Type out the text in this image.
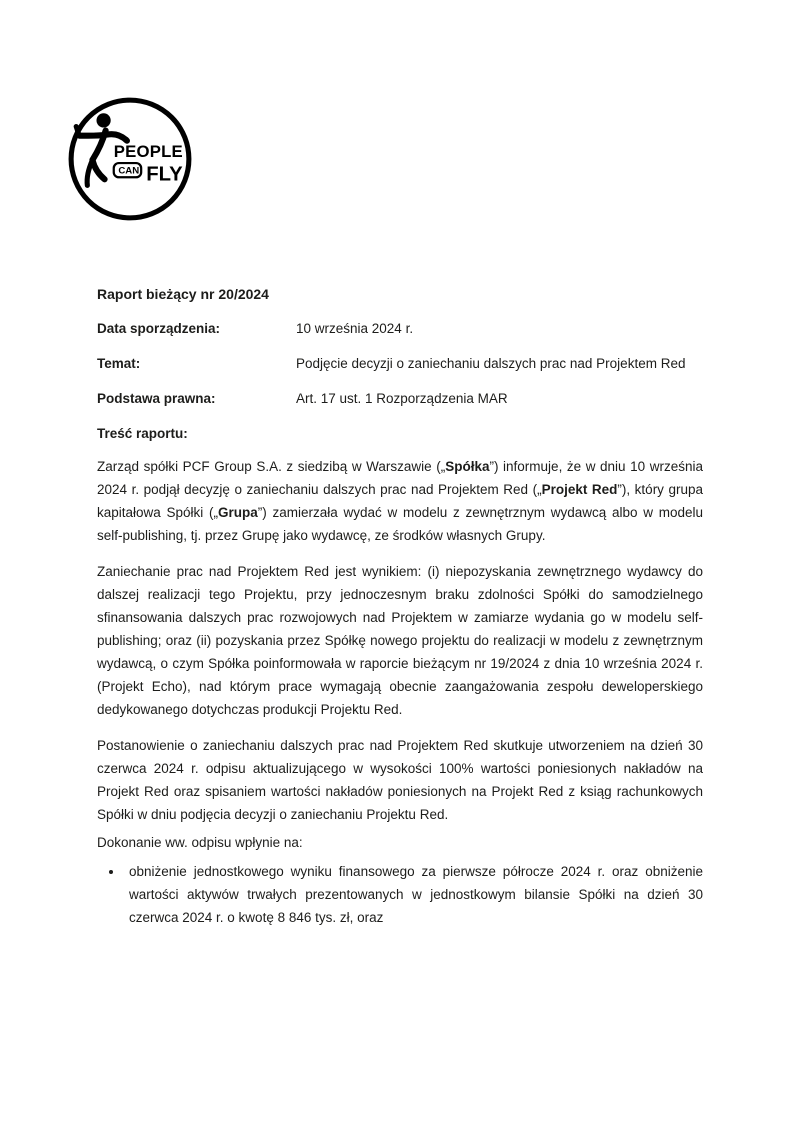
PEOPLE
CAN FLY
Raport bieżący nr 20/2024
Data sporządzenia:	10 września 2024 r.
Temat:	Podjęcie decyzji o zaniechaniu dalszych prac nad Projektem Red
Podstawa prawna:	Art. 17 ust. 1 Rozporządzenia MAR
Treść raportu:

Zarząd spółki PCF Group S.A. z siedzibą w Warszawie („Spółka”) informuje, że w dniu 10 września 2024 r. podjął decyzję o zaniechaniu dalszych prac nad Projektem Red („Projekt Red”), który grupa kapitałowa Spółki („Grupa”) zamierzała wydać w modelu z zewnętrznym wydawcą albo w modelu self-publishing, tj. przez Grupę jako wydawcę, ze środków własnych Grupy.

Zaniechanie prac nad Projektem Red jest wynikiem: (i) niepozyskania zewnętrznego wydawcy do dalszej realizacji tego Projektu, przy jednoczesnym braku zdolności Spółki do samodzielnego sfinansowania dalszych prac rozwojowych nad Projektem w zamiarze wydania go w modelu self-publishing; oraz (ii) pozyskania przez Spółkę nowego projektu do realizacji w modelu z zewnętrznym wydawcą, o czym Spółka poinformowała w raporcie bieżącym nr 19/2024 z dnia 10 września 2024 r. (Projekt Echo), nad którym prace wymagają obecnie zaangażowania zespołu deweloperskiego dedykowanego dotychczas produkcji Projektu Red.

Postanowienie o zaniechaniu dalszych prac nad Projektem Red skutkuje utworzeniem na dzień 30 czerwca 2024 r. odpisu aktualizującego w wysokości 100% wartości poniesionych nakładów na Projekt Red oraz spisaniem wartości nakładów poniesionych na Projekt Red z ksiąg rachunkowych Spółki w dniu podjęcia decyzji o zaniechaniu Projektu Red.

Dokonanie ww. odpisu wpłynie na:

• obniżenie jednostkowego wyniku finansowego za pierwsze półrocze 2024 r. oraz obniżenie wartości aktywów trwałych prezentowanych w jednostkowym bilansie Spółki na dzień 30 czerwca 2024 r. o kwotę 8 846 tys. zł, oraz
